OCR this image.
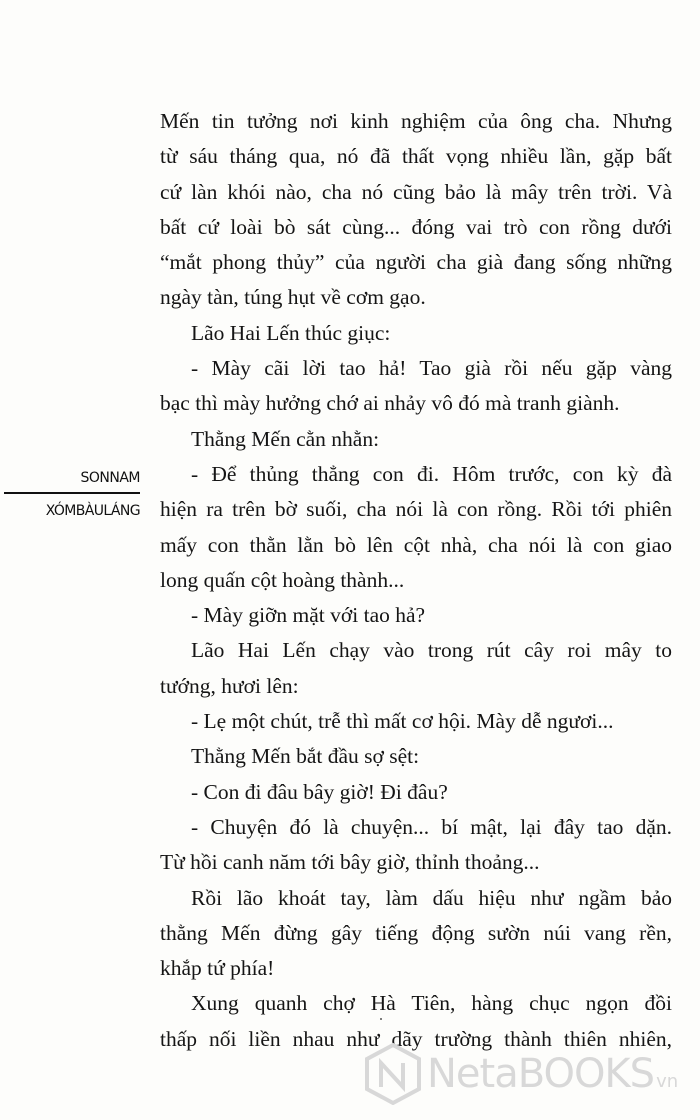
SONNAM
XÓMBÀULÁNG
Mến tin tưởng nơi kinh nghiệm của ông cha. Nhưng
từ sáu tháng qua, nó đã thất vọng nhiều lần, gặp bất
cứ làn khói nào, cha nó cũng bảo là mây trên trời. Và
bất cứ loài bò sát cùng... đóng vai trò con rồng dưới
“mắt phong thủy” của người cha già đang sống những
ngày tàn, túng hụt về cơm gạo.
Lão Hai Lến thúc giục:
- Mày cãi lời tao hả! Tao già rồi nếu gặp vàng
bạc thì mày hưởng chớ ai nhảy vô đó mà tranh giành.
Thằng Mến cằn nhằn:
- Để thủng thẳng con đi. Hôm trước, con kỳ đà
hiện ra trên bờ suối, cha nói là con rồng. Rồi tới phiên
mấy con thằn lằn bò lên cột nhà, cha nói là con giao
long quấn cột hoàng thành...
- Mày giỡn mặt với tao hả?
Lão Hai Lến chạy vào trong rút cây roi mây to
tướng, hươi lên:
- Lẹ một chút, trễ thì mất cơ hội. Mày dễ ngươi...
Thằng Mến bắt đầu sợ sệt:
- Con đi đâu bây giờ! Đi đâu?
- Chuyện đó là chuyện... bí mật, lại đây tao dặn.
Từ hồi canh năm tới bây giờ, thỉnh thoảng...
Rồi lão khoát tay, làm dấu hiệu như ngầm bảo
thằng Mến đừng gây tiếng động sườn núi vang rền,
khắp tứ phía!
Xung quanh chợ Hà Tiên, hàng chục ngọn đồi
thấp nối liền nhau như dãy trường thành thiên nhiên,
NetaBOOKS vn
